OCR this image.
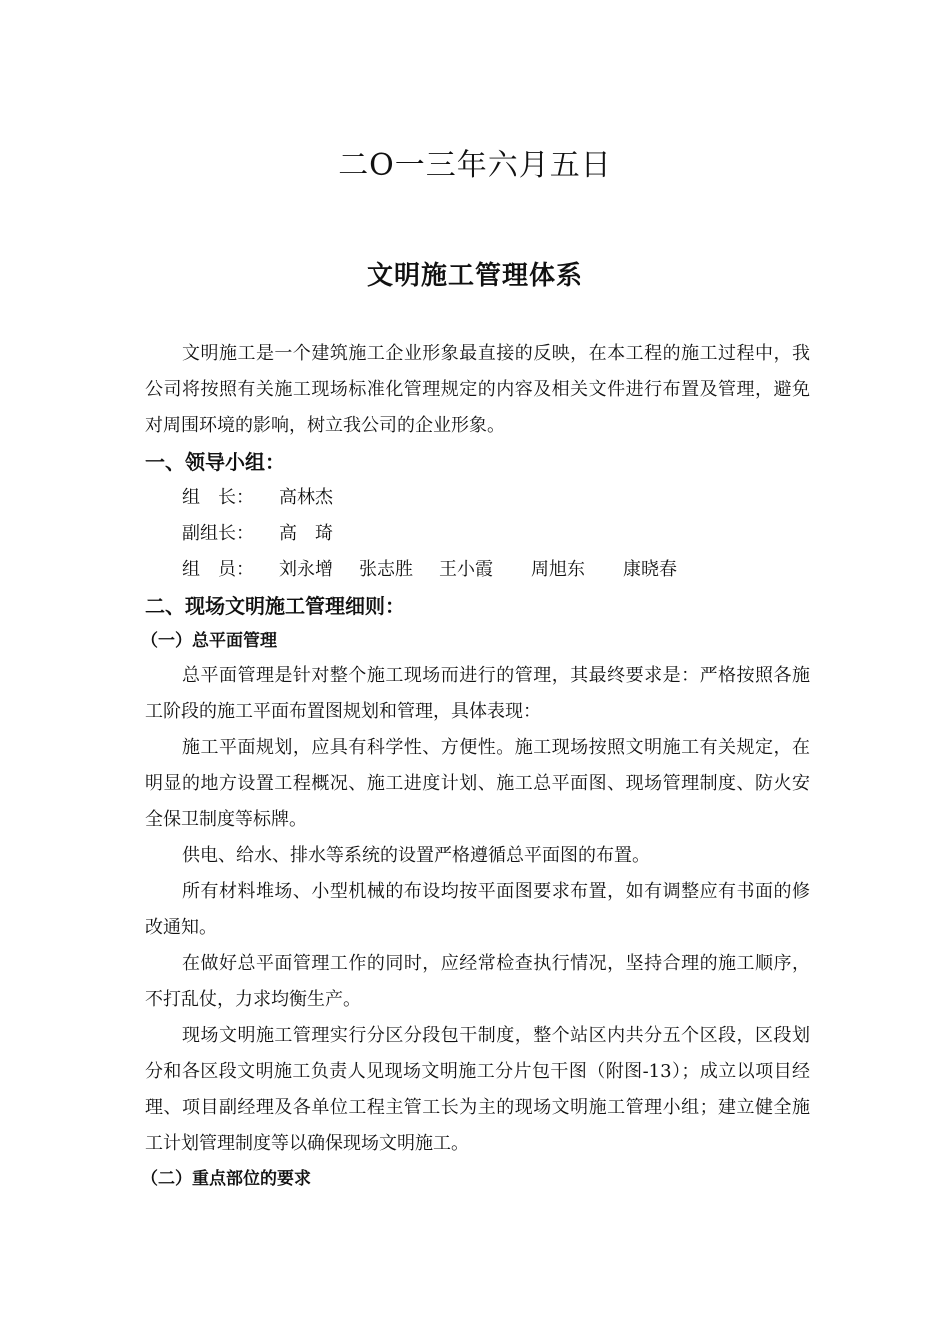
二O一三年六月五日
文明施工管理体系

文明施工是一个建筑施工企业形象最直接的反映，在本工程的施工过程中，我公司将按照有关施工现场标准化管理规定的内容及相关文件进行布置及管理，避免对周围环境的影响，树立我公司的企业形象。

一、领导小组：

组　长：	高林杰
副组长：	高　琦
组　员：	刘永增 张志胜 王小霞 周旭东 康晓春

二、现场文明施工管理细则：

（一）总平面管理

总平面管理是针对整个施工现场而进行的管理，其最终要求是：严格按照各施工阶段的施工平面布置图规划和管理，具体表现：

施工平面规划，应具有科学性、方便性。施工现场按照文明施工有关规定，在明显的地方设置工程概况、施工进度计划、施工总平面图、现场管理制度、防火安全保卫制度等标牌。

供电、给水、排水等系统的设置严格遵循总平面图的布置。

所有材料堆场、小型机械的布设均按平面图要求布置，如有调整应有书面的修改通知。

在做好总平面管理工作的同时，应经常检查执行情况，坚持合理的施工顺序，不打乱仗，力求均衡生产。

现场文明施工管理实行分区分段包干制度，整个站区内共分五个区段，区段划分和各区段文明施工负责人见现场文明施工分片包干图（附图-13）；成立以项目经理、项目副经理及各单位工程主管工长为主的现场文明施工管理小组；建立健全施工计划管理制度等以确保现场文明施工。

（二）重点部位的要求
